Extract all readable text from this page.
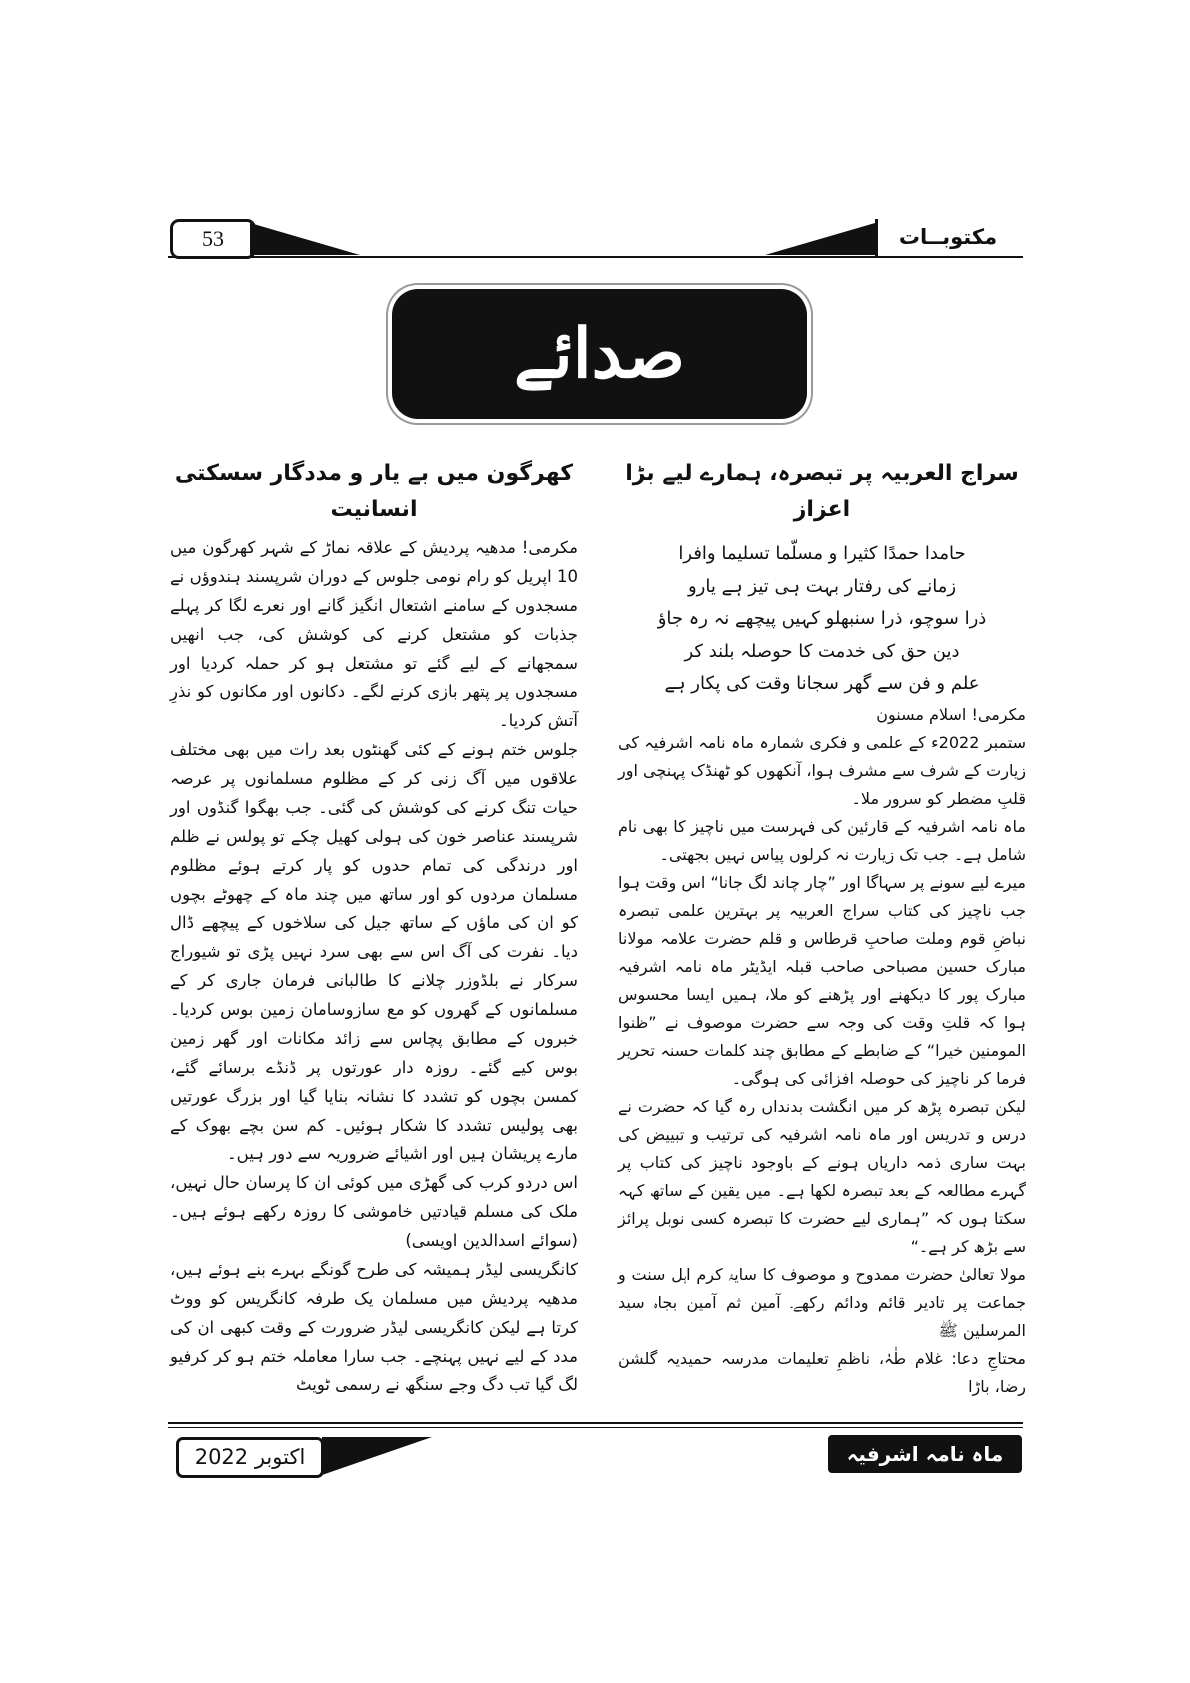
53	مکتوبــات
صدائے بازگشت
سراج العربیہ پر تبصرہ، ہمارے لیے بڑا اعزاز
حامدا حمدًا کثیرا و مسلّما تسلیما وافرا
زمانے کی رفتار بہت ہی تیز ہے یارو
ذرا سوچو، ذرا سنبھلو کہیں پیچھے نہ رہ جاؤ
دین حق کی خدمت کا حوصلہ بلند کر
علم و فن سے گھر سجانا وقت کی پکار ہے

مکرمی! اسلام مسنون

ستمبر 2022ء کے علمی و فکری شمارہ ماہ نامہ اشرفیہ کی زیارت کے شرف سے مشرف ہوا، آنکھوں کو ٹھنڈک پہنچی اور قلبِ مضطر کو سرور ملا۔

ماہ نامہ اشرفیہ کے قارئین کی فہرست میں ناچیز کا بھی نام شامل ہے۔ جب تک زیارت نہ کرلوں پیاس نہیں بجھتی۔

میرے لیے سونے پر سہاگا اور ”چار چاند لگ جانا“ اس وقت ہوا جب ناچیز کی کتاب سراج العربیہ پر بہترین علمی تبصرہ نباضِ قوم وملت صاحبِ قرطاس و قلم حضرت علامہ مولانا مبارک حسین مصباحی صاحب قبلہ ایڈیٹر ماہ نامہ اشرفیہ مبارک پور کا دیکھنے اور پڑھنے کو ملا، ہمیں ایسا محسوس ہوا کہ قلتِ وقت کی وجہ سے حضرت موصوف نے ”ظنوا المومنین خیرا“ کے ضابطے کے مطابق چند کلمات حسنہ تحریر فرما کر ناچیز کی حوصلہ افزائی کی ہوگی۔

لیکن تبصرہ پڑھ کر میں انگشت بدنداں رہ گیا کہ حضرت نے درس و تدریس اور ماہ نامہ اشرفیہ کی ترتیب و تبییض کی بہت ساری ذمہ داریاں ہونے کے باوجود ناچیز کی کتاب پر گہرے مطالعہ کے بعد تبصرہ لکھا ہے۔ میں یقین کے ساتھ کہہ سکتا ہوں کہ ”ہماری لیے حضرت کا تبصرہ کسی نوبل پرائز سے بڑھ کر ہے۔“

مولا تعالیٰ حضرت ممدوح و موصوف کا سایۂ کرم اہل سنت و جماعت پر تادیر قائم ودائم رکھے۔ آمین ثم آمین بجاہ سید المرسلین ﷺ

محتاجِ دعا: غلام طٰہٰ، ناظمِ تعلیمات مدرسہ حمیدیہ گلشن رضا، باڑا

کھرگون میں بے یار و مددگار سسکتی انسانیت

مکرمی! مدھیہ پردیش کے علاقہ نماڑ کے شہر کھرگون میں 10 اپریل کو رام نومی جلوس کے دوران شرپسند ہندوؤں نے مسجدوں کے سامنے اشتعال انگیز گانے اور نعرے لگا کر پہلے جذبات کو مشتعل کرنے کی کوشش کی، جب انھیں سمجھانے کے لیے گئے تو مشتعل ہو کر حملہ کردیا اور مسجدوں پر پتھر بازی کرنے لگے۔ دکانوں اور مکانوں کو نذرِ آتش کردیا۔

جلوس ختم ہونے کے کئی گھنٹوں بعد رات میں بھی مختلف علاقوں میں آگ زنی کر کے مظلوم مسلمانوں پر عرصہ حیات تنگ کرنے کی کوشش کی گئی۔ جب بھگوا گنڈوں اور شرپسند عناصر خون کی ہولی کھیل چکے تو پولس نے ظلم اور درندگی کی تمام حدوں کو پار کرتے ہوئے مظلوم مسلمان مردوں کو اور ساتھ میں چند ماہ کے چھوٹے بچوں کو ان کی ماؤں کے ساتھ جیل کی سلاخوں کے پیچھے ڈال دیا۔ نفرت کی آگ اس سے بھی سرد نہیں پڑی تو شیوراج سرکار نے بلڈوزر چلانے کا طالبانی فرمان جاری کر کے مسلمانوں کے گھروں کو مع سازوسامان زمین بوس کردیا۔ خبروں کے مطابق پچاس سے زائد مکانات اور گھر زمین بوس کیے گئے۔ روزہ دار عورتوں پر ڈنڈے برسائے گئے، کمسن بچوں کو تشدد کا نشانہ بنایا گیا اور بزرگ عورتیں بھی پولیس تشدد کا شکار ہوئیں۔ کم سن بچے بھوک کے مارے پریشان ہیں اور اشیائے ضروریہ سے دور ہیں۔

اس دردو کرب کی گھڑی میں کوئی ان کا پرسان حال نہیں، ملک کی مسلم قیادتیں خاموشی کا روزہ رکھے ہوئے ہیں۔ (سوائے اسدالدین اویسی)

کانگریسی لیڈر ہمیشہ کی طرح گونگے بہرے بنے ہوئے ہیں، مدھیہ پردیش میں مسلمان یک طرفہ کانگریس کو ووٹ کرتا ہے لیکن کانگریسی لیڈر ضرورت کے وقت کبھی ان کی مدد کے لیے نہیں پہنچے۔ جب سارا معاملہ ختم ہو کر کرفیو لگ گیا تب دگ وجے سنگھ نے رسمی ٹویٹ

اکتوبر 2022	ماہ نامہ اشرفیہ
